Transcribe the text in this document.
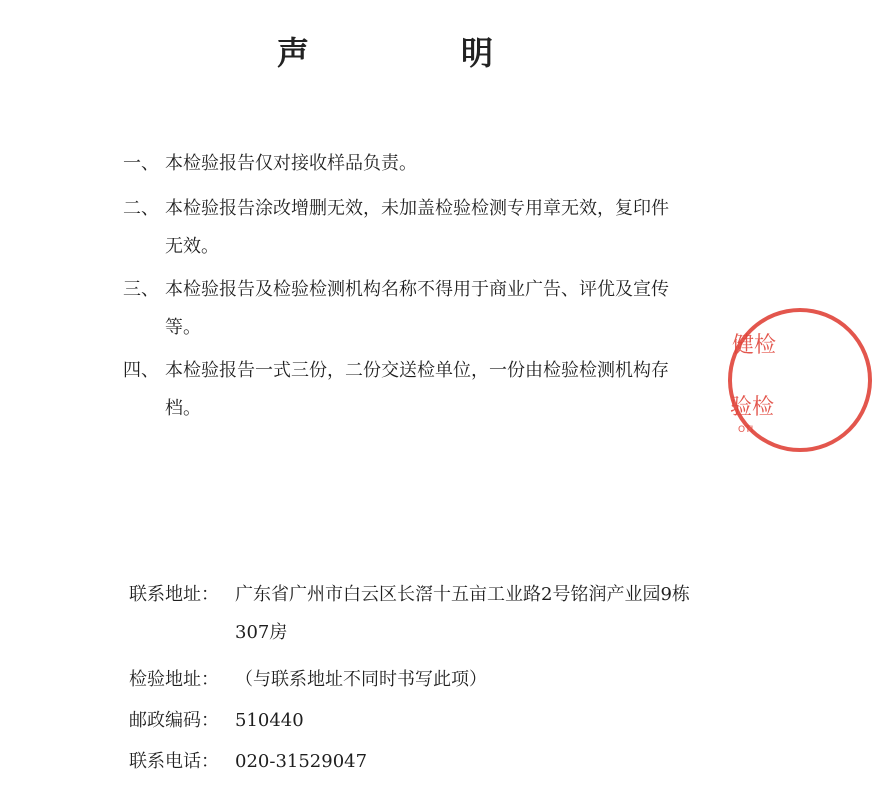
声　明
一、 本检验报告仅对接收样品负责。
二、 本检验报告涂改增删无效，未加盖检验检测专用章无效，复印件无效。
三、 本检验报告及检验检测机构名称不得用于商业广告、评优及宣传等。
四、 本检验报告一式三份，二份交送检单位，一份由检验检测机构存档。
联系地址： 广东省广州市白云区长滘十五亩工业路2号铭润产业园9栋307房
检验地址： （与联系地址不同时书写此项）
邮政编码： 510440
联系电话： 020-31529047
健检
验检
OTI
